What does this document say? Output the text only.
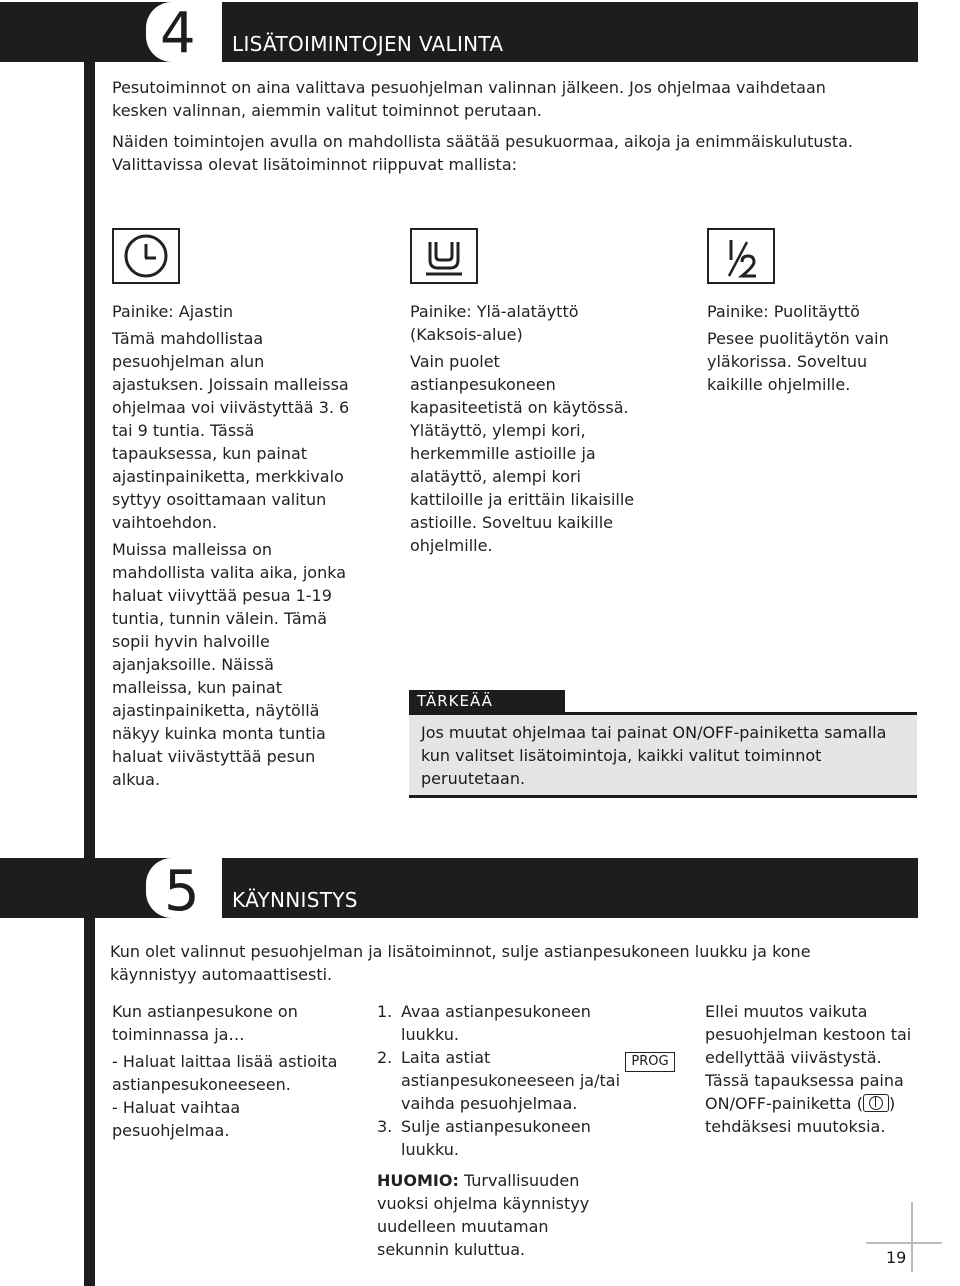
4 LISÄTOIMINTOJEN VALINTA
Pesutoiminnot on aina valittava pesuohjelman valinnan jälkeen. Jos ohjelmaa vaihdetaan
kesken valinnan, aiemmin valitut toiminnot perutaan.
Näiden toimintojen avulla on mahdollista säätää pesukuormaa, aikoja ja enimmäiskulutusta.
Valittavissa olevat lisätoiminnot riippuvat mallista:
Painike: Ajastin
Tämä mahdollistaa pesuohjelman alun ajastuksen. Joissain malleissa ohjelmaa voi viivästyttää 3. 6 tai 9 tuntia. Tässä tapauksessa, kun painat ajastinpainiketta, merkkivalo syttyy osoittamaan valitun vaihtoehdon.
Muissa malleissa on mahdollista valita aika, jonka haluat viivyttää pesua 1-19 tuntia, tunnin välein. Tämä sopii hyvin halvoille ajanjaksoille. Näissä malleissa, kun painat ajastinpainiketta, näytöllä näkyy kuinka monta tuntia haluat viivästyttää pesun alkua.
Painike: Ylä-alatäyttö (Kaksois-alue)
Vain puolet astianpesukoneen kapasiteetistä on käytössä. Ylätäyttö, ylempi kori, herkemmille astioille ja alatäyttö, alempi kori kattiloille ja erittäin likaisille astioille. Soveltuu kaikille ohjelmille.
Painike: Puolitäyttö
Pesee puolitäytön vain yläkorissa. Soveltuu kaikille ohjelmille.
TÄRKEÄÄ
Jos muutat ohjelmaa tai painat ON/OFF-painiketta samalla kun valitset lisätoimintoja, kaikki valitut toiminnot peruutetaan.
5 KÄYNNISTYS
Kun olet valinnut pesuohjelman ja lisätoiminnot, sulje astianpesukoneen luukku ja kone käynnistyy automaattisesti.
Kun astianpesukone on toiminnassa ja…
- Haluat laittaa lisää astioita astianpesukoneeseen.
- Haluat vaihtaa pesuohjelmaa.
1. Avaa astianpesukoneen luukku.
2. Laita astiat astianpesukoneeseen ja/tai vaihda pesuohjelmaa.
3. Sulje astianpesukoneen luukku.
HUOMIO: Turvallisuuden vuoksi ohjelma käynnistyy uudelleen muutaman sekunnin kuluttua.
PROG
Ellei muutos vaikuta pesuohjelman kestoon tai edellyttää viivästystä. Tässä tapauksessa paina ON/OFF-painiketta ( ) tehdäksesi muutoksia.
19
